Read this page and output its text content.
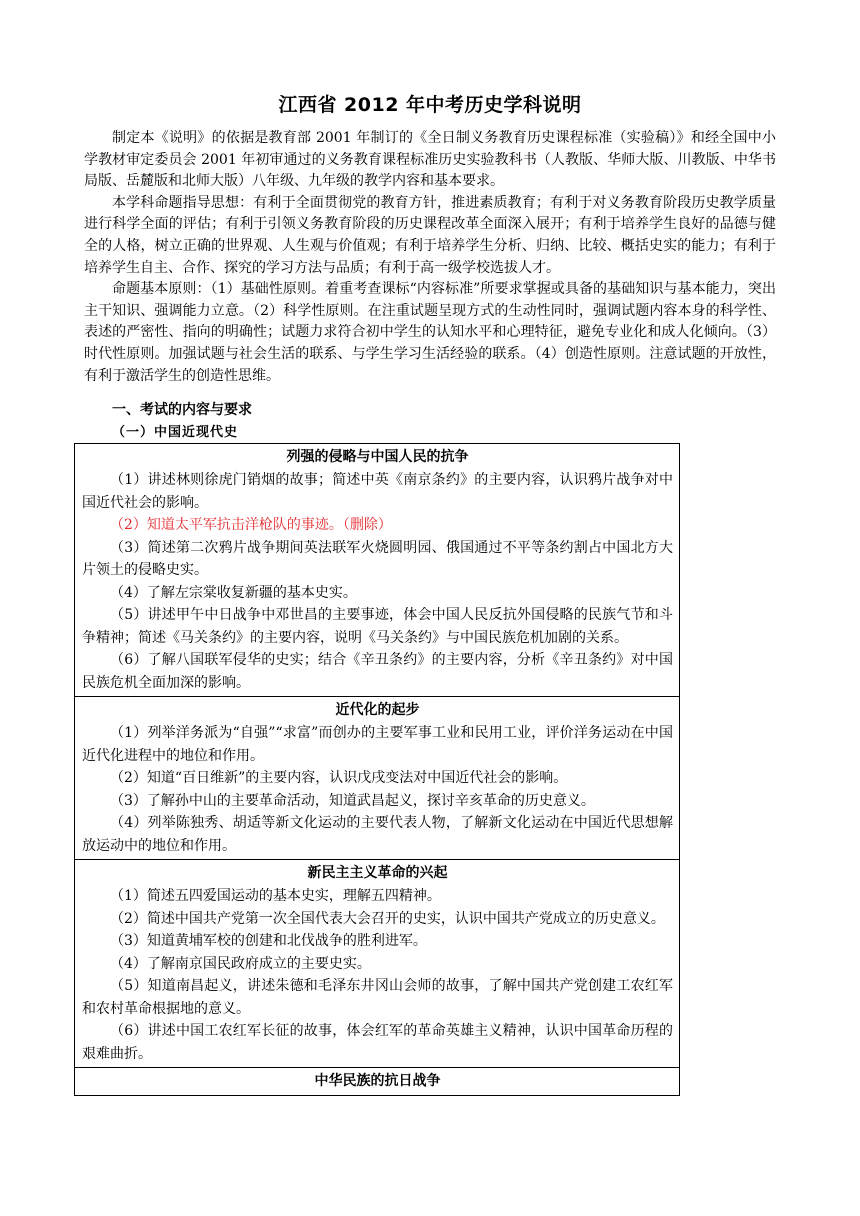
江西省 2012 年中考历史学科说明

制定本《说明》的依据是教育部 2001 年制订的《全日制义务教育历史课程标准（实验稿）》和经全国中小学教材审定委员会 2001 年初审通过的义务教育课程标准历史实验教科书（人教版、华师大版、川教版、中华书局版、岳麓版和北师大版）八年级、九年级的教学内容和基本要求。

本学科命题指导思想：有利于全面贯彻党的教育方针，推进素质教育；有利于对义务教育阶段历史教学质量进行科学全面的评估；有利于引领义务教育阶段的历史课程改革全面深入展开；有利于培养学生良好的品德与健全的人格，树立正确的世界观、人生观与价值观；有利于培养学生分析、归纳、比较、概括史实的能力；有利于培养学生自主、合作、探究的学习方法与品质；有利于高一级学校选拔人才。

命题基本原则：（1）基础性原则。着重考查课标“内容标准”所要求掌握或具备的基础知识与基本能力，突出主干知识、强调能力立意。（2）科学性原则。在注重试题呈现方式的生动性同时，强调试题内容本身的科学性、表述的严密性、指向的明确性；试题力求符合初中学生的认知水平和心理特征，避免专业化和成人化倾向。（3）时代性原则。加强试题与社会生活的联系、与学生学习生活经验的联系。（4）创造性原则。注意试题的开放性，有利于激活学生的创造性思维。

一、考试的内容与要求
（一）中国近现代史
列强的侵略与中国人民的抗争

（1）讲述林则徐虎门销烟的故事；简述中英《南京条约》的主要内容，认识鸦片战争对中国近代社会的影响。

（2）知道太平军抗击洋枪队的事迹。（删除）

（3）简述第二次鸦片战争期间英法联军火烧圆明园、俄国通过不平等条约割占中国北方大片领土的侵略史实。

（4）了解左宗棠收复新疆的基本史实。

（5）讲述甲午中日战争中邓世昌的主要事迹，体会中国人民反抗外国侵略的民族气节和斗争精神；简述《马关条约》的主要内容，说明《马关条约》与中国民族危机加剧的关系。

（6）了解八国联军侵华的史实；结合《辛丑条约》的主要内容，分析《辛丑条约》对中国民族危机全面加深的影响。

近代化的起步

（1）列举洋务派为“自强”“求富”而创办的主要军事工业和民用工业，评价洋务运动在中国近代化进程中的地位和作用。

（2）知道“百日维新”的主要内容，认识戊戌变法对中国近代社会的影响。

（3）了解孙中山的主要革命活动，知道武昌起义，探讨辛亥革命的历史意义。

（4）列举陈独秀、胡适等新文化运动的主要代表人物，了解新文化运动在中国近代思想解放运动中的地位和作用。

新民主主义革命的兴起

（1）简述五四爱国运动的基本史实，理解五四精神。

（2）简述中国共产党第一次全国代表大会召开的史实，认识中国共产党成立的历史意义。

（3）知道黄埔军校的创建和北伐战争的胜利进军。

（4）了解南京国民政府成立的主要史实。

（5）知道南昌起义，讲述朱德和毛泽东井冈山会师的故事，了解中国共产党创建工农红军和农村革命根据地的意义。

（6）讲述中国工农红军长征的故事，体会红军的革命英雄主义精神，认识中国革命历程的艰难曲折。

中华民族的抗日战争
